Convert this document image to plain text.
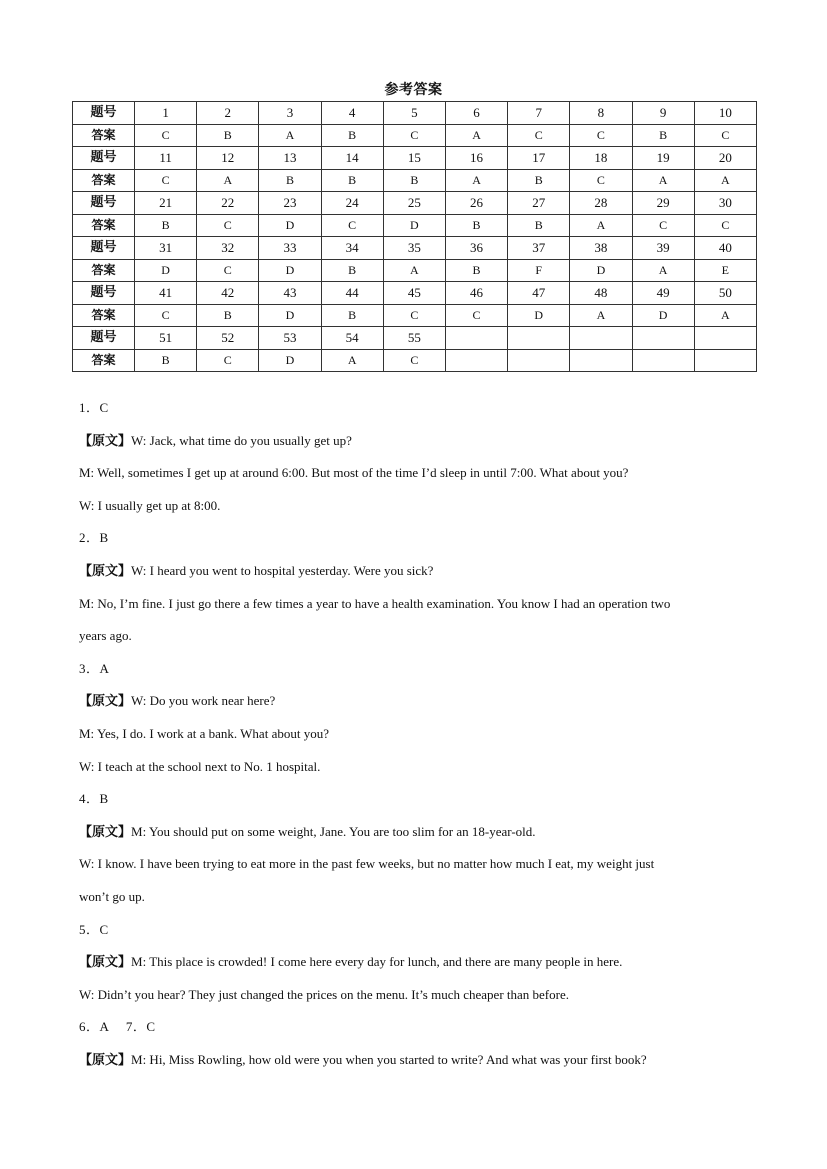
参考答案
题号	1	2	3	4	5	6	7	8	9	10
答案	C	B	A	B	C	A	C	C	B	C
题号	11	12	13	14	15	16	17	18	19	20
答案	C	A	B	B	B	A	B	C	A	A
题号	21	22	23	24	25	26	27	28	29	30
答案	B	C	D	C	D	B	B	A	C	C
题号	31	32	33	34	35	36	37	38	39	40
答案	D	C	D	B	A	B	F	D	A	E
题号	41	42	43	44	45	46	47	48	49	50
答案	C	B	D	B	C	C	D	A	D	A
题号	51	52	53	54	55					
答案	B	C	D	A	C					
1．C
【原文】W: Jack, what time do you usually get up?
M: Well, sometimes I get up at around 6:00. But most of the time I’d sleep in until 7:00. What about you?
W: I usually get up at 8:00.
2．B
【原文】W: I heard you went to hospital yesterday. Were you sick?
M: No, I’m fine. I just go there a few times a year to have a health examination. You know I had an operation two
years ago.
3．A
【原文】W: Do you work near here?
M: Yes, I do. I work at a bank. What about you?
W: I teach at the school next to No. 1 hospital.
4．B
【原文】M: You should put on some weight, Jane. You are too slim for an 18-year-old.
W: I know. I have been trying to eat more in the past few weeks, but no matter how much I eat, my weight just
won’t go up.
5．C
【原文】M: This place is crowded! I come here every day for lunch, and there are many people in here.
W: Didn’t you hear? They just changed the prices on the menu. It’s much cheaper than before.
6．A　 7．C
【原文】M: Hi, Miss Rowling, how old were you when you started to write? And what was your first book?
